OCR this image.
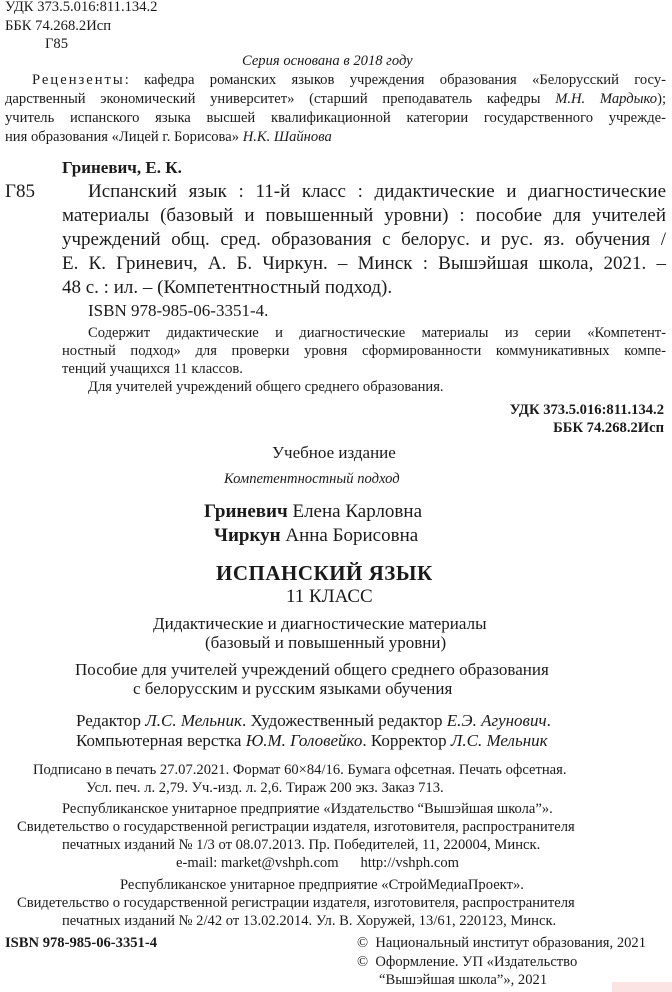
УДК 373.5.016:811.134.2
ББК 74.268.2Исп
Г85
Серия основана в 2018 году
Рецензенты: кафедра романских языков учреждения образования «Белорусский госу-
дарственный экономический университет» (старший преподаватель кафедры М.Н. Мардыко);
учитель испанского языка высшей квалификационной категории государственного учрежде-
ния образования «Лицей г. Борисова» Н.К. Шайнова
Гриневич, Е. К.
Г85	Испанский язык : 11-й класс : дидактические и диагностические
материалы (базовый и повышенный уровни) : пособие для учителей
учреждений общ. сред. образования с белорус. и рус. яз. обучения /
Е. К. Гриневич, А. Б. Чиркун. – Минск : Вышэйшая школа, 2021. –
48 с. : ил. – (Компетентностный подход).
ISBN 978-985-06-3351-4.
Содержит дидактические и диагностические материалы из серии «Компетент-
ностный подход» для проверки уровня сформированности коммуникативных компе-
тенций учащихся 11 классов.
Для учителей учреждений общего среднего образования.
УДК 373.5.016:811.134.2
ББК 74.268.2Исп
Учебное издание
Компетентностный подход
Гриневич Елена Карловна
Чиркун Анна Борисовна
ИСПАНСКИЙ ЯЗЫК
11 КЛАСС
Дидактические и диагностические материалы
(базовый и повышенный уровни)
Пособие для учителей учреждений общего среднего образования
с белорусским и русским языками обучения
Редактор Л.С. Мельник. Художественный редактор Е.Э. Агунович.
Компьютерная верстка Ю.М. Головейко. Корректор Л.С. Мельник
Подписано в печать 27.07.2021. Формат 60×84/16. Бумага офсетная. Печать офсетная.
Усл. печ. л. 2,79. Уч.-изд. л. 2,6. Тираж 200 экз. Заказ 713.
Республиканское унитарное предприятие «Издательство “Вышэйшая школа”».
Свидетельство о государственной регистрации издателя, изготовителя, распространителя
печатных изданий № 1/3 от 08.07.2013. Пр. Победителей, 11, 220004, Минск.
e-mail: market@vshph.com      http://vshph.com
Республиканское унитарное предприятие «СтройМедиаПроект».
Свидетельство о государственной регистрации издателя, изготовителя, распространителя
печатных изданий № 2/42 от 13.02.2014. Ул. В. Хоружей, 13/61, 220123, Минск.
ISBN 978-985-06-3351-4	©  Национальный институт образования, 2021
©  Оформление. УП «Издательство
“Вышэйшая школа”», 2021
